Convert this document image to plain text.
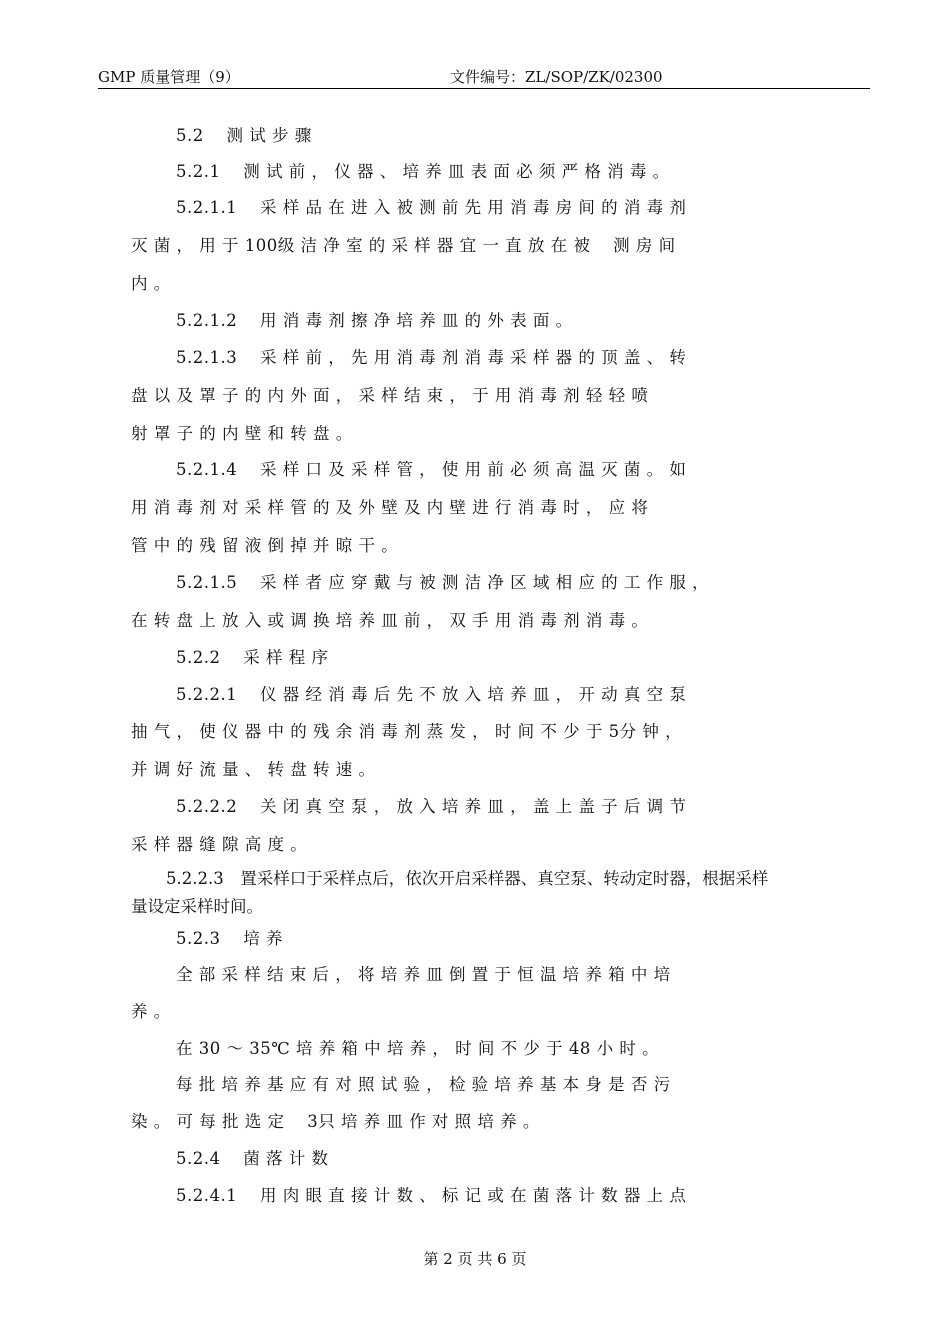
GMP 质量管理（9）	文件编号：ZL/SOP/ZK/02300
5.2　 测 试 步 骤
5.2.1　 测 试 前 ， 仪 器 、 培 养 皿 表 面 必 须 严 格 消 毒 。
5.2.1.1　 采 样 品 在 进 入 被 测 前 先 用 消 毒 房 间 的 消 毒 剂
灭 菌 ， 用 于 100级 洁 净 室 的 采 样 器 宜 一 直 放 在 被　 测 房 间
内 。
5.2.1.2　 用 消 毒 剂 擦 净 培 养 皿 的 外 表 面 。
5.2.1.3　 采 样 前 ， 先 用 消 毒 剂 消 毒 采 样 器 的 顶 盖 、 转
盘 以 及 罩 子 的 内 外 面 ， 采 样 结 束 ， 于 用 消 毒 剂 轻 轻 喷
射 罩 子 的 内 壁 和 转 盘 。
5.2.1.4　 采 样 口 及 采 样 管 ， 使 用 前 必 须 高 温 灭 菌 。 如
用 消 毒 剂 对 采 样 管 的 及 外 壁 及 内 壁 进 行 消 毒 时 ， 应 将
管 中 的 残 留 液 倒 掉 并 晾 干 。
5.2.1.5　 采 样 者 应 穿 戴 与 被 测 洁 净 区 域 相 应 的 工 作 服 ，
在 转 盘 上 放 入 或 调 换 培 养 皿 前 ， 双 手 用 消 毒 剂 消 毒 。
5.2.2　 采 样 程 序
5.2.2.1　 仪 器 经 消 毒 后 先 不 放 入 培 养 皿 ， 开 动 真 空 泵
抽 气 ， 使 仪 器 中 的 残 余 消 毒 剂 蒸 发 ， 时 间 不 少 于 5分 钟 ，
并 调 好 流 量 、 转 盘 转 速 。
5.2.2.2　 关 闭 真 空 泵 ， 放 入 培 养 皿 ， 盖 上 盖 子 后 调 节
采 样 器 缝 隙 高 度 。
5.2.2.3　置采样口于采样点后，依次开启采样器、真空泵、转动定时器，根据采样
量设定采样时间。
5.2.3　 培 养
全 部 采 样 结 束 后 ， 将 培 养 皿 倒 置 于 恒 温 培 养 箱 中 培
养 。
在 30 ～ 35℃ 培 养 箱 中 培 养 ， 时 间 不 少 于 48 小 时 。
每 批 培 养 基 应 有 对 照 试 验 ， 检 验 培 养 基 本 身 是 否 污
染 。 可 每 批 选 定　 3只 培 养 皿 作 对 照 培 养 。
5.2.4　 菌 落 计 数
5.2.4.1　 用 肉 眼 直 接 计 数 、 标 记 或 在 菌 落 计 数 器 上 点
第 2 页 共 6 页
